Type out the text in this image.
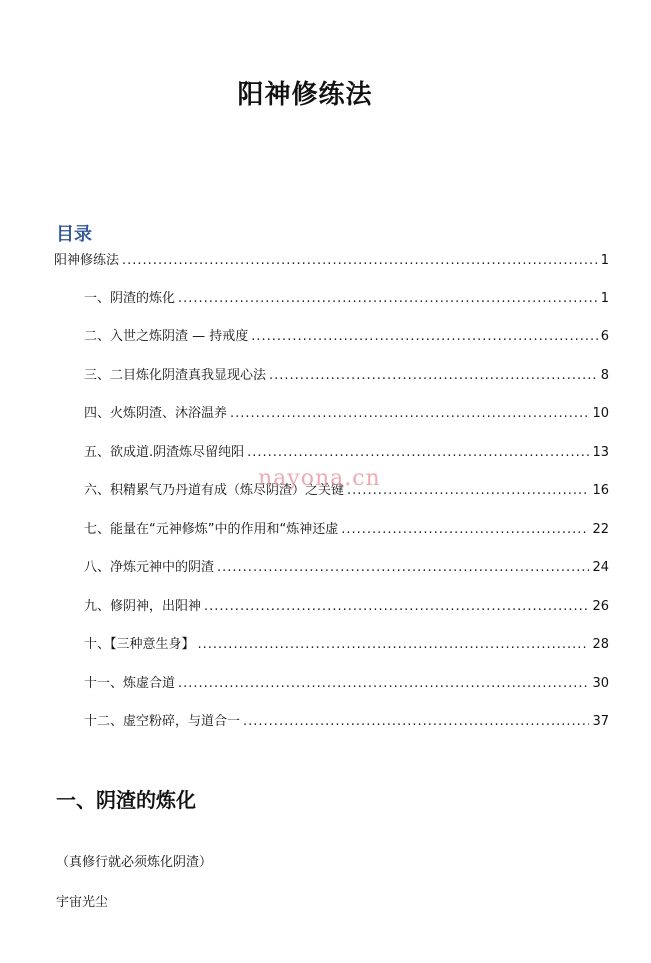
阳神修练法
目录
阳神修练法 .....	1
一、阴渣的炼化 .....	1
二、入世之炼阴渣 — 持戒度 .....	6
三、二目炼化阴渣真我显现心法 .....	8
四、火炼阴渣、沐浴温养 .....	10
五、欲成道.阴渣炼尽留纯阳 .....	13
六、积精累气乃丹道有成（炼尽阴渣）之关键 .....	16
七、能量在“元神修炼”中的作用和“炼神还虚 .....	22
八、净炼元神中的阴渣 .....	24
九、修阴神，出阳神 .....	26
十、【三种意生身】 .....	28
十一、炼虚合道 .....	30
十二、虚空粉碎，与道合一 .....	37
一、阴渣的炼化
（真修行就必须炼化阴渣）
宇宙光尘
nayona.cn
